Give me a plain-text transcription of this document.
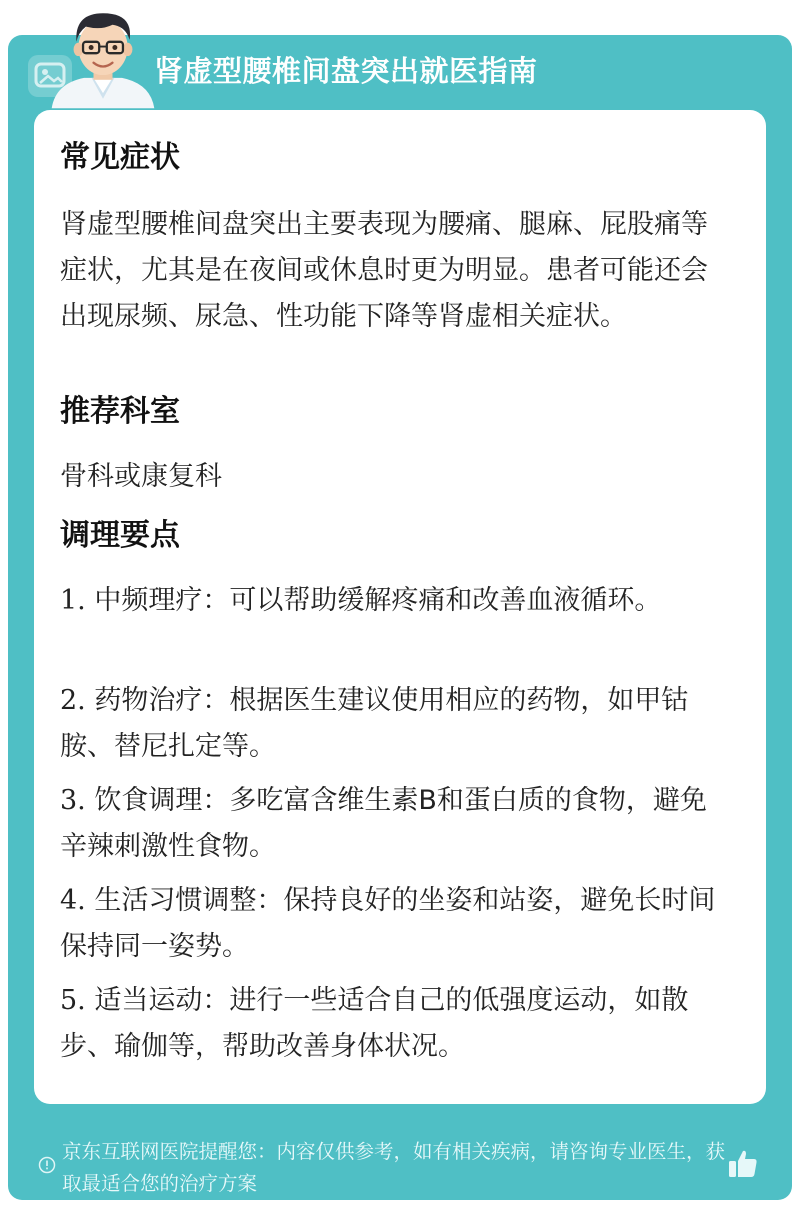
肾虚型腰椎间盘突出就医指南
京东互联网医院提醒您：内容仅供参考，如有相关疾病，请咨询专业医生，获取最适合您的治疗方案
常见症状

肾虚型腰椎间盘突出主要表现为腰痛、腿麻、屁股痛等症状，尤其是在夜间或休息时更为明显。患者可能还会出现尿频、尿急、性功能下降等肾虚相关症状。

推荐科室

骨科或康复科

调理要点

1. 中频理疗：可以帮助缓解疼痛和改善血液循环。

2. 药物治疗：根据医生建议使用相应的药物，如甲钴胺、替尼扎定等。

3. 饮食调理：多吃富含维生素B和蛋白质的食物，避免辛辣刺激性食物。

4. 生活习惯调整：保持良好的坐姿和站姿，避免长时间保持同一姿势。

5. 适当运动：进行一些适合自己的低强度运动，如散步、瑜伽等，帮助改善身体状况。
